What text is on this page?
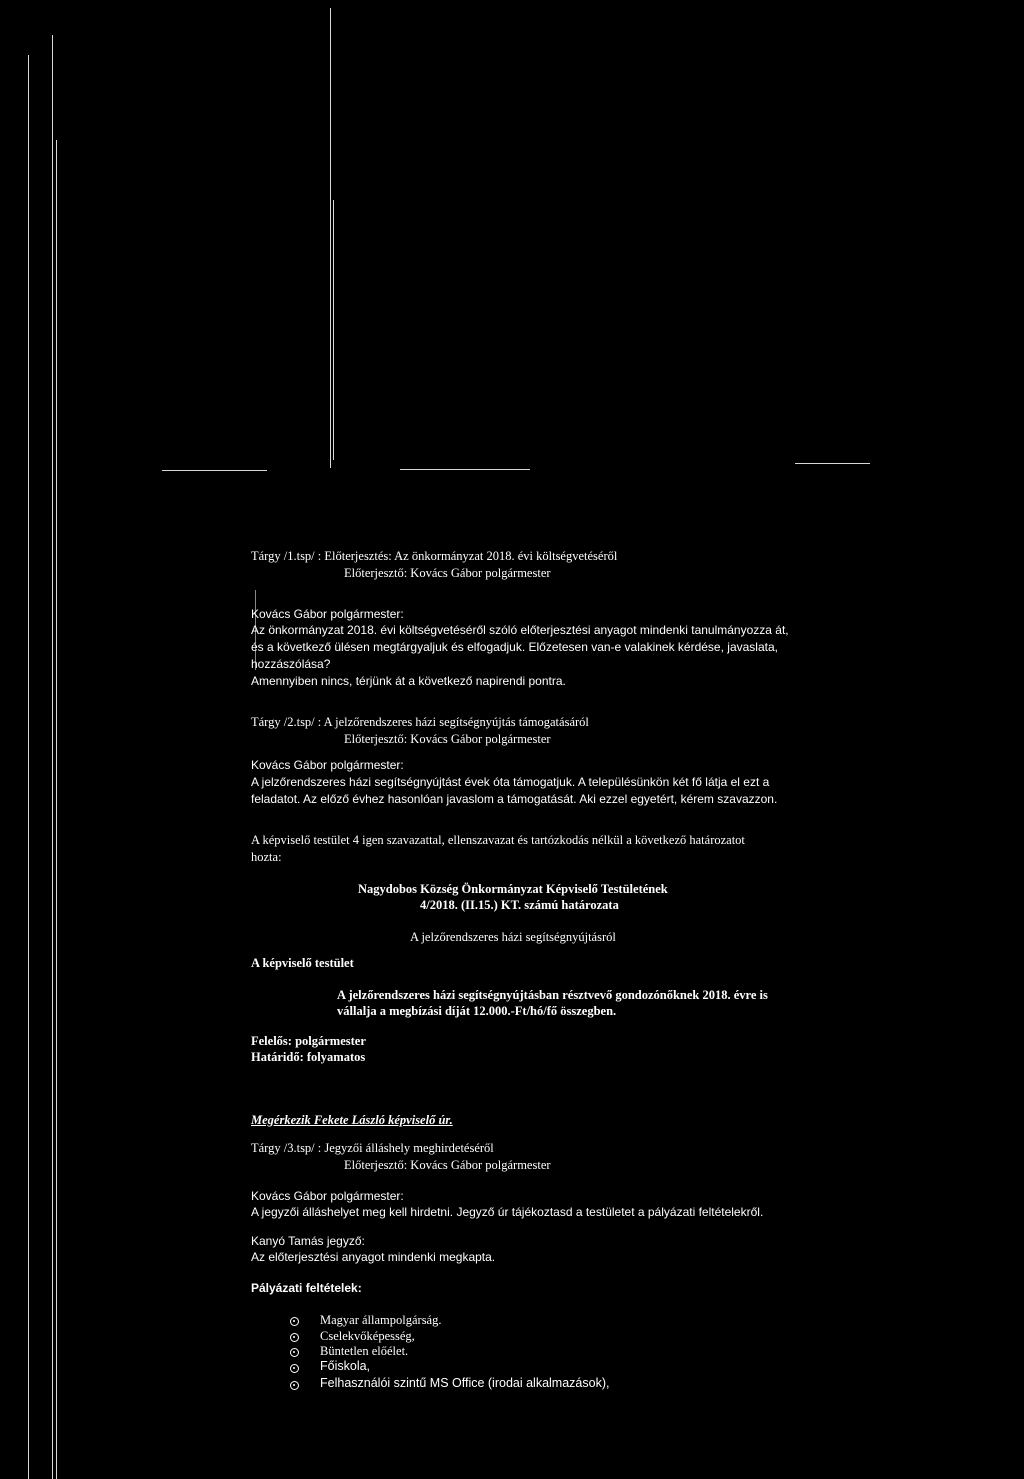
Tárgy /1.tsp/ : Előterjesztés: Az önkormányzat 2018. évi költségvetéséről
Előterjesztő: Kovács Gábor polgármester
Kovács Gábor polgármester:
Az önkormányzat 2018. évi költségvetéséről szóló előterjesztési anyagot mindenki tanulmányozza át,
és a következő ülésen megtárgyaljuk és elfogadjuk. Előzetesen van-e valakinek kérdése, javaslata,
hozzászólása?
Amennyiben nincs, térjünk át a következő napirendi pontra.
Tárgy /2.tsp/ : A jelzőrendszeres házi segítségnyújtás támogatásáról
Előterjesztő: Kovács Gábor polgármester
Kovács Gábor polgármester:
A jelzőrendszeres házi segítségnyújtást évek óta támogatjuk. A településünkön két fő látja el ezt a
feladatot. Az előző évhez hasonlóan javaslom a támogatását. Aki ezzel egyetért, kérem szavazzon.
A képviselő testület 4 igen szavazattal, ellenszavazat és tartózkodás nélkül a következő határozatot
hozta:
Nagydobos Község Önkormányzat Képviselő Testületének
4/2018. (II.15.) KT. számú határozata
A jelzőrendszeres házi segítségnyújtásról
A képviselő testület
A jelzőrendszeres házi segítségnyújtásban résztvevő gondozónőknek 2018. évre is
vállalja a megbízási díját 12.000.-Ft/hó/fő összegben.
Felelős: polgármester
Határidő: folyamatos
Megérkezik Fekete László képviselő úr.
Tárgy /3.tsp/ : Jegyzői álláshely meghirdetéséről
Előterjesztő: Kovács Gábor polgármester
Kovács Gábor polgármester:
A jegyzői álláshelyet meg kell hirdetni. Jegyző úr tájékoztasd a testületet a pályázati feltételekről.
Kanyó Tamás jegyző:
Az előterjesztési anyagot mindenki megkapta.
Pályázati feltételek:
Magyar állampolgárság.
Cselekvőképesség,
Büntetlen előélet.
Főiskola,
Felhasználói szintű MS Office (irodai alkalmazások),
